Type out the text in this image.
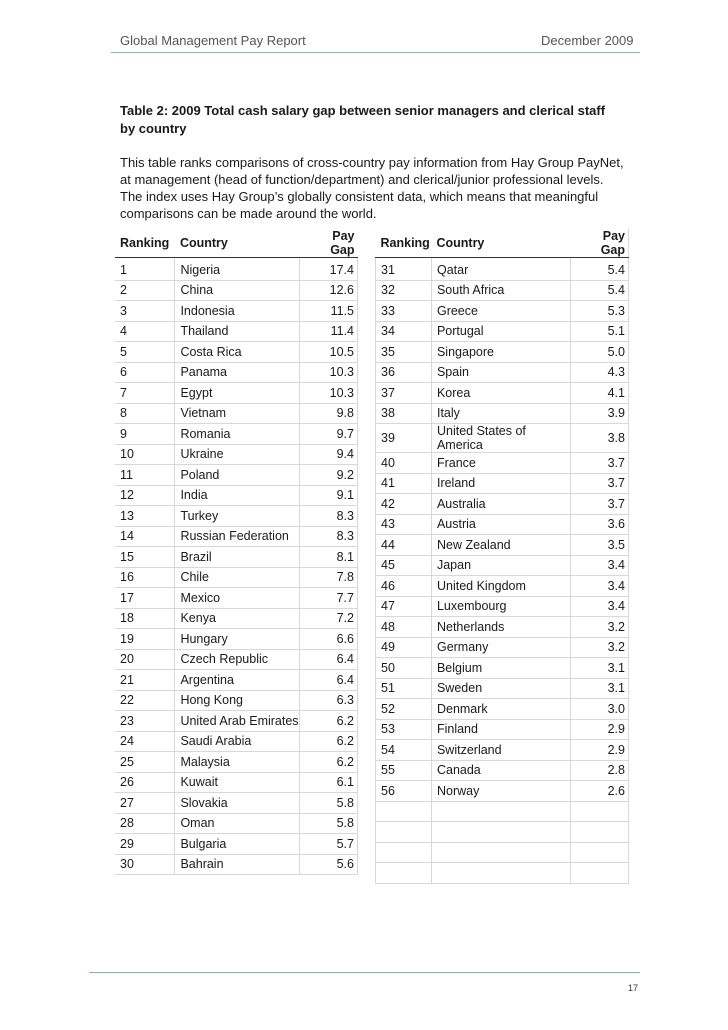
Global Management Pay Report	December 2009
Table 2: 2009 Total cash salary gap between senior managers and clerical staff by country
This table ranks comparisons of cross-country pay information from Hay Group PayNet, at management (head of function/department) and clerical/junior professional levels. The index uses Hay Group’s globally consistent data, which means that meaningful comparisons can be made around the world.
Ranking	Country	Pay Gap
1	Nigeria	17.4
2	China	12.6
3	Indonesia	11.5
4	Thailand	11.4
5	Costa Rica	10.5
6	Panama	10.3
7	Egypt	10.3
8	Vietnam	9.8
9	Romania	9.7
10	Ukraine	9.4
11	Poland	9.2
12	India	9.1
13	Turkey	8.3
14	Russian Federation	8.3
15	Brazil	8.1
16	Chile	7.8
17	Mexico	7.7
18	Kenya	7.2
19	Hungary	6.6
20	Czech Republic	6.4
21	Argentina	6.4
22	Hong Kong	6.3
23	United Arab Emirates	6.2
24	Saudi Arabia	6.2
25	Malaysia	6.2
26	Kuwait	6.1
27	Slovakia	5.8
28	Oman	5.8
29	Bulgaria	5.7
30	Bahrain	5.6
Ranking	Country	Pay Gap
31	Qatar	5.4
32	South Africa	5.4
33	Greece	5.3
34	Portugal	5.1
35	Singapore	5.0
36	Spain	4.3
37	Korea	4.1
38	Italy	3.9
39	United States of America	3.8
40	France	3.7
41	Ireland	3.7
42	Australia	3.7
43	Austria	3.6
44	New Zealand	3.5
45	Japan	3.4
46	United Kingdom	3.4
47	Luxembourg	3.4
48	Netherlands	3.2
49	Germany	3.2
50	Belgium	3.1
51	Sweden	3.1
52	Denmark	3.0
53	Finland	2.9
54	Switzerland	2.9
55	Canada	2.8
56	Norway	2.6

17
